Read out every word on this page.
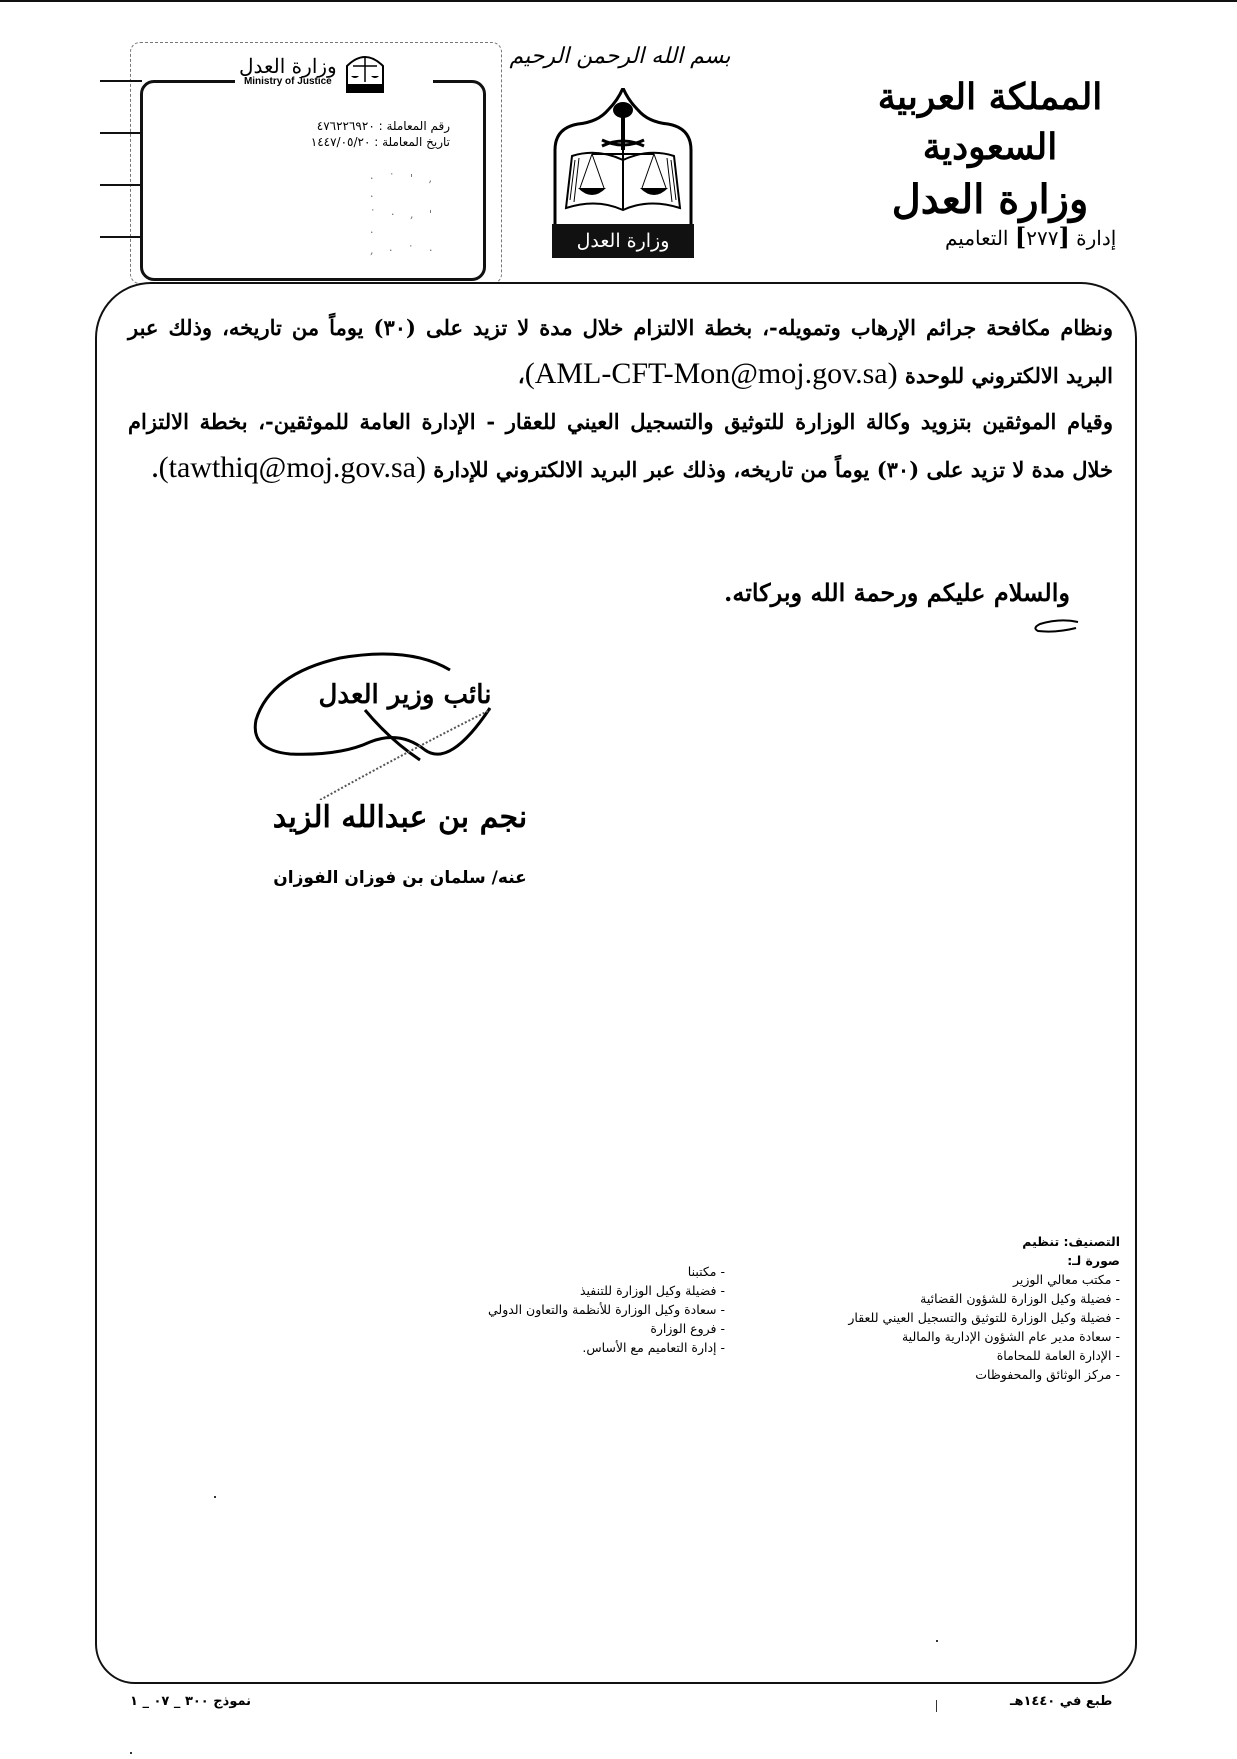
وزارة العدل
Ministry of Justice
رقم المعاملة : ٤٧٦٢٢٦٩٢٠
تاريخ المعاملة : ١٤٤٧/٠٥/٢٠
· ˙ ' , ·
˙ · , ' ·
, · ˙ ·
بسم الله الرحمن الرحيم
وزارة العدل
المملكة العربية السعودية
وزارة العدل
إدارة [٢٧٧] التعاميم

ونظام مكافحة جرائم الإرهاب وتمويله-، بخطة الالتزام خلال مدة لا تزيد على (٣٠) يوماً من تاريخه، وذلك عبر البريد الالكتروني للوحدة (AML-CFT-Mon@moj.gov.sa)،

وقيام الموثقين بتزويد وكالة الوزارة للتوثيق والتسجيل العيني للعقار - الإدارة العامة للموثقين-، بخطة الالتزام خلال مدة لا تزيد على (٣٠) يوماً من تاريخه، وذلك عبر البريد الالكتروني للإدارة (tawthiq@moj.gov.sa).

والسلام عليكم ورحمة الله وبركاته.
نائب وزير العدل
نجم بن عبدالله الزيد
عنه/ سلمان بن فوزان الفوزان
التصنيف: تنظيم
صورة لـ:
- مكتب معالي الوزير
- فضيلة وكيل الوزارة للشؤون القضائية
- فضيلة وكيل الوزارة للتوثيق والتسجيل العيني للعقار
- سعادة مدير عام الشؤون الإدارية والمالية
- الإدارة العامة للمحاماة
- مركز الوثائق والمحفوظات
- مكتبنا
- فضيلة وكيل الوزارة للتنفيذ
- سعادة وكيل الوزارة للأنظمة والتعاون الدولي
- فروع الوزارة
- إدارة التعاميم مع الأساس.
نموذج ٣٠٠ _ ٠٧ _ ١	طبع في ١٤٤٠هـ
